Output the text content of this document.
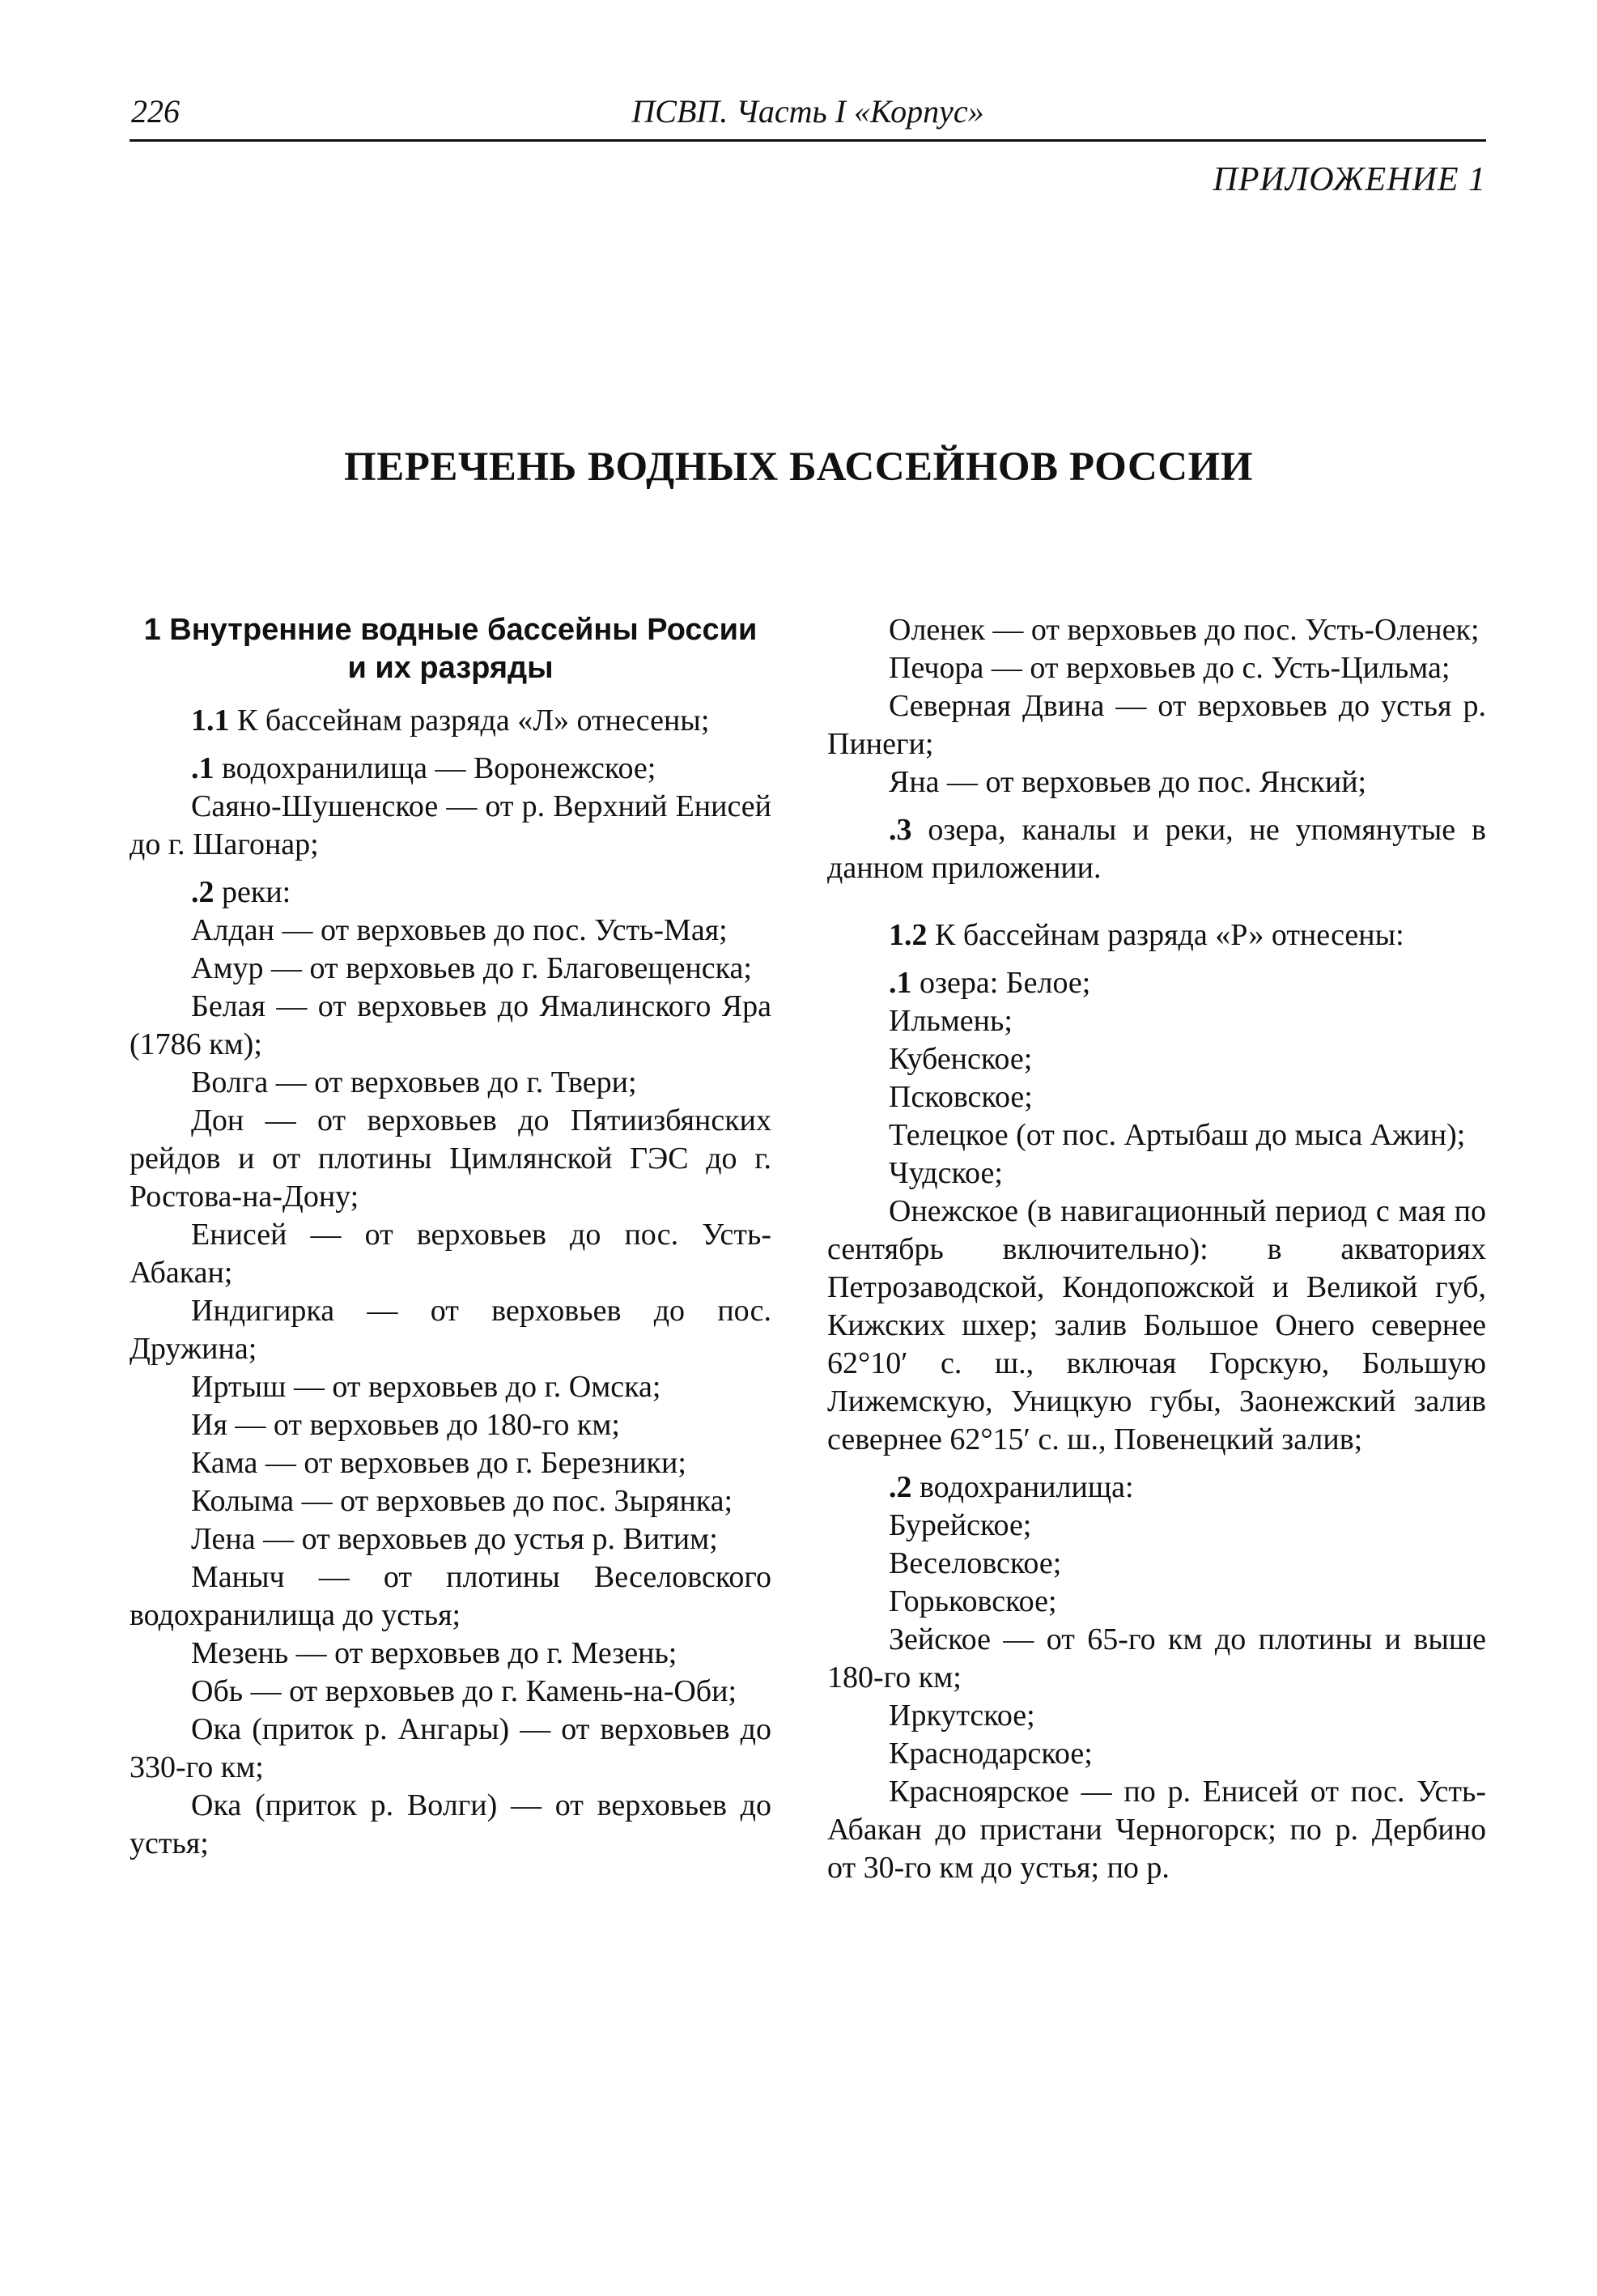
226	ПСВП. Часть I «Корпус»
ПРИЛОЖЕНИЕ 1
ПЕРЕЧЕНЬ ВОДНЫХ БАССЕЙНОВ РОССИИ
1 Внутренние водные бассейны России
и их разряды

1.1 К бассейнам разряда «Л» отнесены;

.1 водохранилища — Воронежское;

Саяно-Шушенское — от р. Верхний Енисей до г. Шагонар;

.2 реки:

Алдан — от верховьев до пос. Усть-Мая;

Амур — от верховьев до г. Благовещенска;

Белая — от верховьев до Ямалинского Яра (1786 км);

Волга — от верховьев до г. Твери;

Дон — от верховьев до Пятиизбянских рейдов и от плотины Цимлянской ГЭС до г. Ростова-на-Дону;

Енисей — от верховьев до пос. Усть-Абакан;

Индигирка — от верховьев до пос. Дружина;

Иртыш — от верховьев до г. Омска;

Ия — от верховьев до 180-го км;

Кама — от верховьев до г. Березники;

Колыма — от верховьев до пос. Зырянка;

Лена — от верховьев до устья р. Витим;

Маныч — от плотины Веселовского водохранилища до устья;

Мезень — от верховьев до г. Мезень;

Обь — от верховьев до г. Камень-на-Оби;

Ока (приток р. Ангары) — от верховьев до 330-го км;

Ока (приток р. Волги) — от верховьев до устья;

Оленек — от верховьев до пос. Усть-Оленек;

Печора — от верховьев до с. Усть-Цильма;

Северная Двина — от верховьев до устья р. Пинеги;

Яна — от верховьев до пос. Янский;

.3 озера, каналы и реки, не упомянутые в данном приложении.

1.2 К бассейнам разряда «Р» отнесены:

.1 озера: Белое;

Ильмень;

Кубенское;

Псковское;

Телецкое (от пос. Артыбаш до мыса Ажин);

Чудское;

Онежское (в навигационный период с мая по сентябрь включительно): в акваториях Петрозаводской, Кондопожской и Великой губ, Кижских шхер; залив Большое Онего севернее 62°10′ с. ш., включая Горскую, Большую Лижемскую, Уницкую губы, Заонежский залив севернее 62°15′ с. ш., Повенецкий залив;

.2 водохранилища:

Бурейское;

Веселовское;

Горьковское;

Зейское — от 65-го км до плотины и выше 180-го км;

Иркутское;

Краснодарское;

Красноярское — по р. Енисей от пос. Усть-Абакан до пристани Черногорск; по р. Дербино от 30-го км до устья; по р.
